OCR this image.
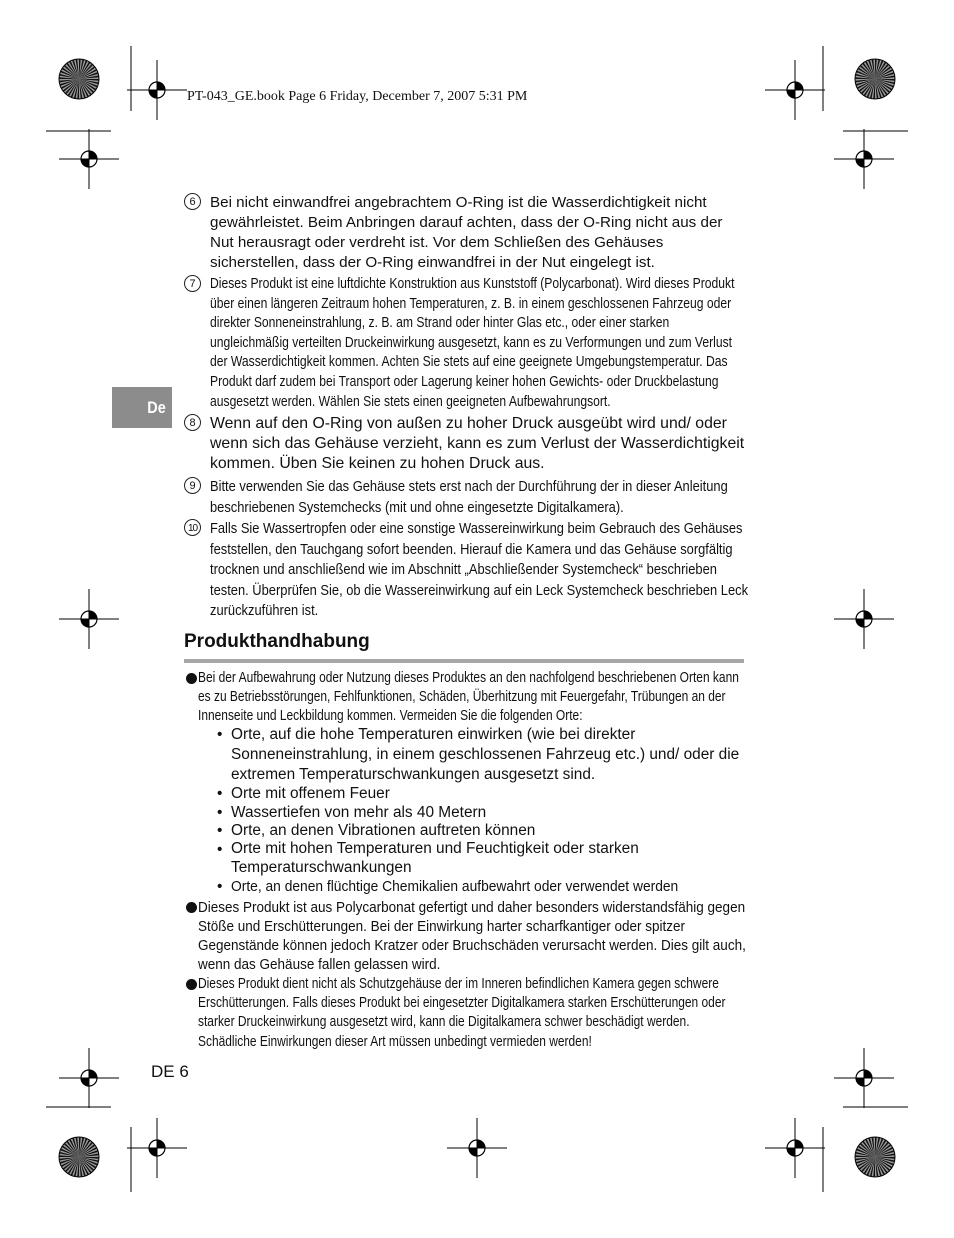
PT-043_GE.book Page 6 Friday, December 7, 2007 5:31 PM
De
6 Bei nicht einwandfrei angebrachtem O-Ring ist die Wasserdichtigkeit nicht gewährleistet. Beim Anbringen darauf achten, dass der O-Ring nicht aus der Nut herausragt oder verdreht ist. Vor dem Schließen des Gehäuses sicherstellen, dass der O-Ring einwandfrei in der Nut eingelegt ist.
7 Dieses Produkt ist eine luftdichte Konstruktion aus Kunststoff (Polycarbonat). Wird dieses Produkt über einen längeren Zeitraum hohen Temperaturen, z. B. in einem geschlossenen Fahrzeug oder direkter Sonneneinstrahlung, z. B. am Strand oder hinter Glas etc., oder einer starken ungleichmäßig verteilten Druckeinwirkung ausgesetzt, kann es zu Verformungen und zum Verlust der Wasserdichtigkeit kommen. Achten Sie stets auf eine geeignete Umgebungstemperatur. Das Produkt darf zudem bei Transport oder Lagerung keiner hohen Gewichts- oder Druckbelastung ausgesetzt werden. Wählen Sie stets einen geeigneten Aufbewahrungsort.
8 Wenn auf den O-Ring von außen zu hoher Druck ausgeübt wird und/ oder wenn sich das Gehäuse verzieht, kann es zum Verlust der Wasserdichtigkeit kommen. Üben Sie keinen zu hohen Druck aus.
9 Bitte verwenden Sie das Gehäuse stets erst nach der Durchführung der in dieser Anleitung beschriebenen Systemchecks (mit und ohne eingesetzte Digitalkamera).
10 Falls Sie Wassertropfen oder eine sonstige Wassereinwirkung beim Gebrauch des Gehäuses feststellen, den Tauchgang sofort beenden. Hierauf die Kamera und das Gehäuse sorgfältig trocknen und anschließend wie im Abschnitt „Abschließender Systemcheck“ beschrieben testen. Überprüfen Sie, ob die Wassereinwirkung auf ein Leck Systemcheck beschrieben Leck zurückzuführen ist.
Produkthandhabung
Bei der Aufbewahrung oder Nutzung dieses Produktes an den nachfolgend beschriebenen Orten kann es zu Betriebsstörungen, Fehlfunktionen, Schäden, Überhitzung mit Feuergefahr, Trübungen an der Innenseite und Leckbildung kommen. Vermeiden Sie die folgenden Orte:
• Orte, auf die hohe Temperaturen einwirken (wie bei direkter Sonneneinstrahlung, in einem geschlossenen Fahrzeug etc.) und/ oder die extremen Temperaturschwankungen ausgesetzt sind.
• Orte mit offenem Feuer
• Wassertiefen von mehr als 40 Metern
• Orte, an denen Vibrationen auftreten können
• Orte mit hohen Temperaturen und Feuchtigkeit oder starken Temperaturschwankungen
• Orte, an denen flüchtige Chemikalien aufbewahrt oder verwendet werden
Dieses Produkt ist aus Polycarbonat gefertigt und daher besonders widerstandsfähig gegen Stöße und Erschütterungen. Bei der Einwirkung harter scharfkantiger oder spitzer Gegenstände können jedoch Kratzer oder Bruchschäden verursacht werden. Dies gilt auch, wenn das Gehäuse fallen gelassen wird.
Dieses Produkt dient nicht als Schutzgehäuse der im Inneren befindlichen Kamera gegen schwere Erschütterungen. Falls dieses Produkt bei eingesetzter Digitalkamera starken Erschütterungen oder starker Druckeinwirkung ausgesetzt wird, kann die Digitalkamera schwer beschädigt werden. Schädliche Einwirkungen dieser Art müssen unbedingt vermieden werden!
DE 6
